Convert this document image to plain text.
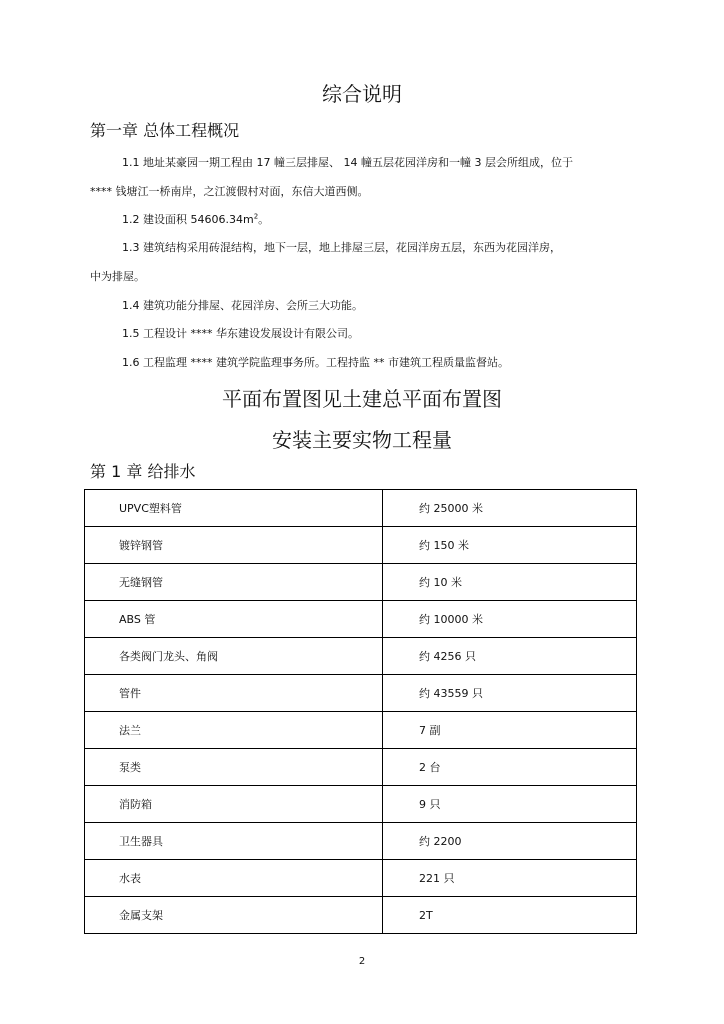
综合说明
第一章 总体工程概况
1.1 地址某豪园一期工程由 17 幢三层排屋、 14 幢五层花园洋房和一幢 3 层会所组成，位于
**** 钱塘江一桥南岸，之江渡假村对面，东信大道西侧。
1.2 建设面积 $54606.34m^2$。
1.3 建筑结构采用砖混结构，地下一层，地上排屋三层，花园洋房五层，东西为花园洋房，
中为排屋。
1.4 建筑功能分排屋、花园洋房、会所三大功能。
1.5 工程设计 **** 华东建设发展设计有限公司。
1.6 工程监理 **** 建筑学院监理事务所。工程持监 ** 市建筑工程质量监督站。
平面布置图见土建总平面布置图
安装主要实物工程量
第 1 章 给排水
UPVC塑料管	约 25000 米
镀锌钢管	约 150 米
无缝钢管	约 10 米
ABS 管	约 10000 米
各类阀门龙头、角阀	约 4256 只
管件	约 43559 只
法兰	7 副
泵类	2 台
消防箱	9 只
卫生器具	约 2200
水表	221 只
金属支架	2T
2
